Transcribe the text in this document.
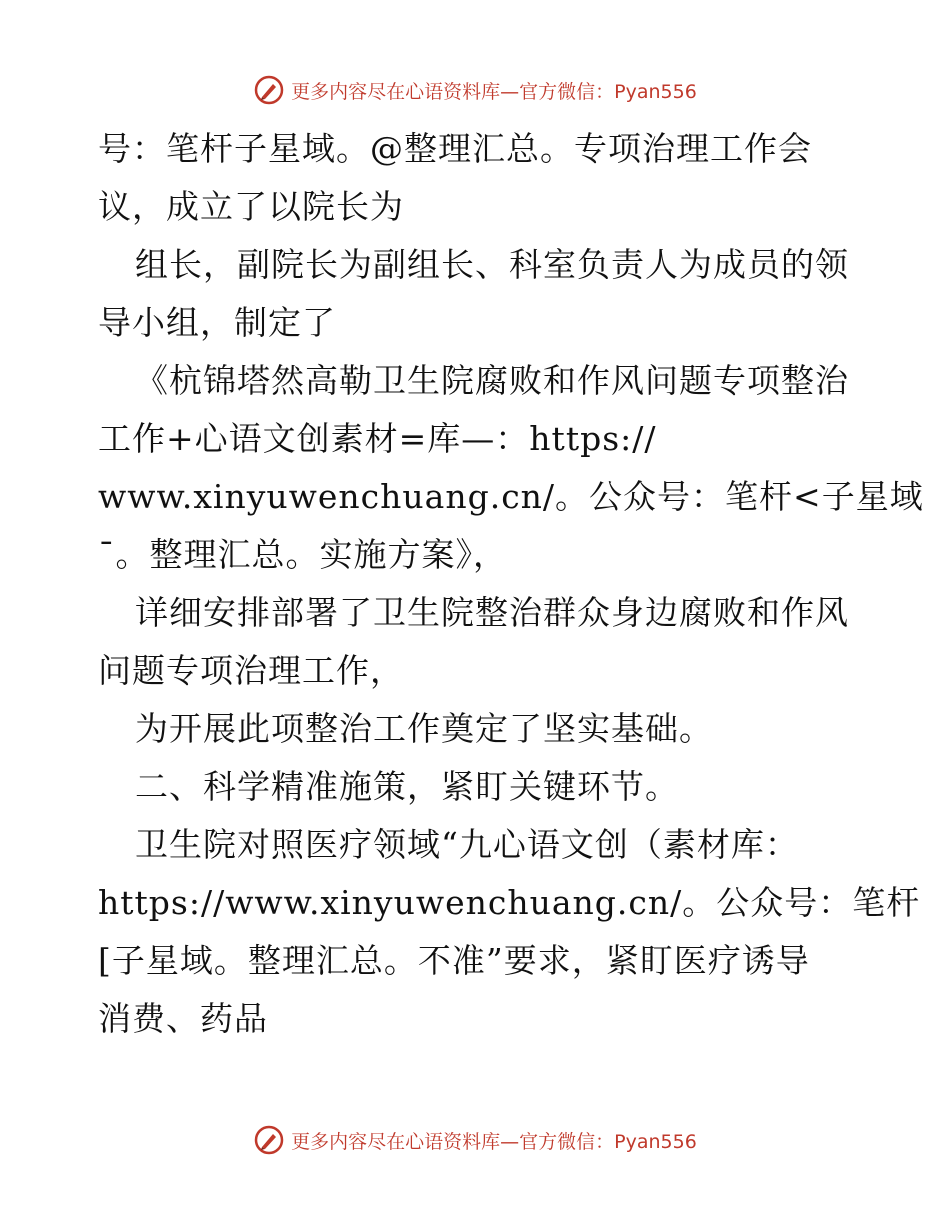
更多内容尽在心语资料库—官方微信：Pyan556
号：笔杆子星域。@整理汇总。专项治理工作会
议，成立了以院长为
组长，副院长为副组长、科室负责人为成员的领
导小组，制定了
《杭锦塔然高勒卫生院腐败和作风问题专项整治
工作+心语文创素材=库—：https://
www.xinyuwenchuang.cn/。公众号：笔杆<子星域
¯。整理汇总。实施方案》，
详细安排部署了卫生院整治群众身边腐败和作风
问题专项治理工作，
为开展此项整治工作奠定了坚实基础。
二、科学精准施策，紧盯关键环节。
卫生院对照医疗领域“九心语文创（素材库：
https://www.xinyuwenchuang.cn/。公众号：笔杆
[子星域。整理汇总。不准”要求，紧盯医疗诱导
消费、药品
更多内容尽在心语资料库—官方微信：Pyan556
